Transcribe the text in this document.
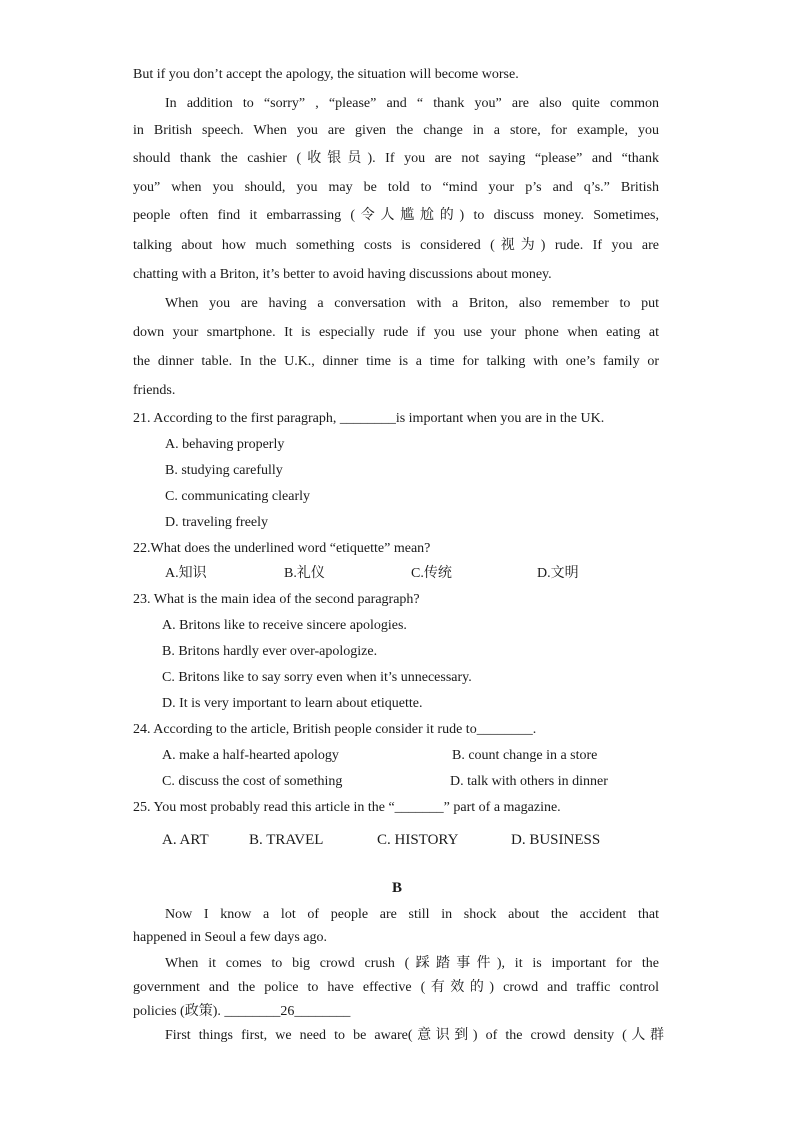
But if you don’t accept the apology, the situation will become worse.
In addition to “sorry” , “please” and “ thank you” are also quite common
in British speech. When you are given the change in a store, for example, you
should thank the cashier (收银员). If you are not saying “please” and “thank
you” when you should, you may be told to “mind your p’s and q’s.” British
people often find it embarrassing (令人尴尬的) to discuss money. Sometimes,
talking about how much something costs is considered (视为) rude. If you are
chatting with a Briton, it’s better to avoid having discussions about money.
When you are having a conversation with a Briton, also remember to put
down your smartphone. It is especially rude if you use your phone when eating at
the dinner table. In the U.K., dinner time is a time for talking with one’s family or
friends.
21. According to the first paragraph, ________is important when you are in the UK.
A. behaving properly
B. studying carefully
C. communicating clearly
D. traveling freely
22.What does the underlined word “etiquette” mean?
A.知识	B.礼仪	C.传统	D.文明
23. What is the main idea of the second paragraph?
A. Britons like to receive sincere apologies.
B. Britons hardly ever over-apologize.
C. Britons like to say sorry even when it’s unnecessary.
D. It is very important to learn about etiquette.
24. According to the article, British people consider it rude to________.
A. make a half-hearted apology	B. count change in a store
C. discuss the cost of something	D. talk with others in dinner
25. You most probably read this article in the “_______” part of a magazine.
A. ART	B. TRAVEL	C. HISTORY	D. BUSINESS
B
Now I know a lot of people are still in shock about the accident that
happened in Seoul a few days ago.
When it comes to big crowd crush (踩踏事件), it is important for the
government and the police to have effective (有效的) crowd and traffic control
policies (政策). ________26________
First things first, we need to be aware(意识到) of the crowd density (人群
